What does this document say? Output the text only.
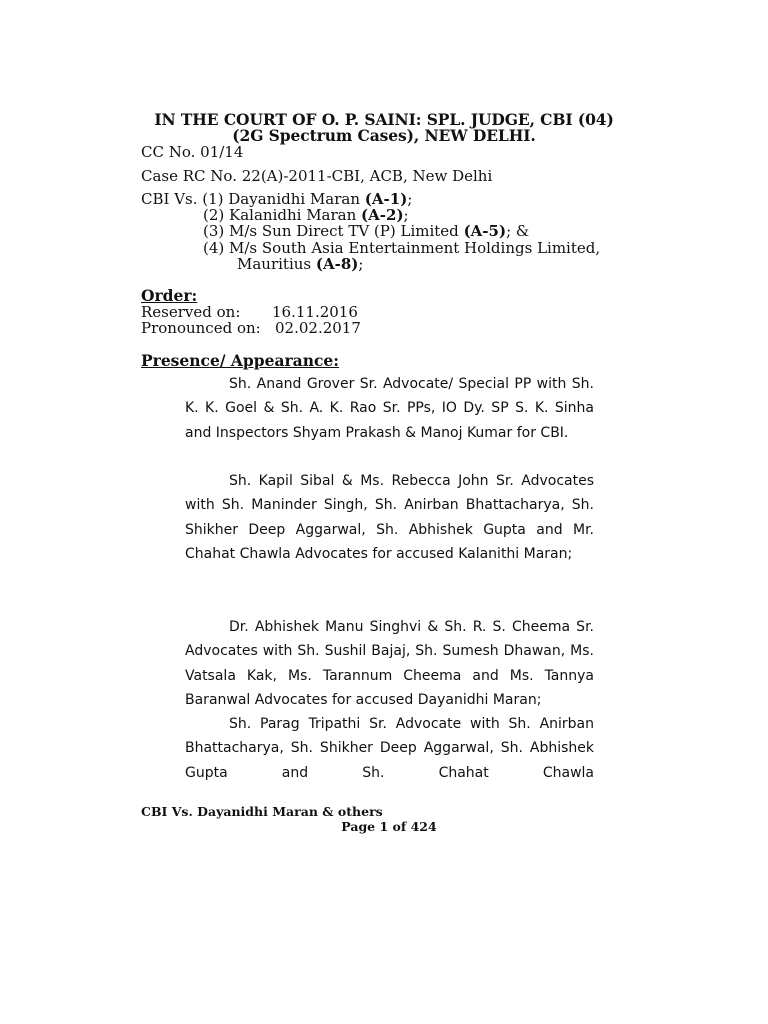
IN THE COURT OF O. P. SAINI: SPL. JUDGE, CBI (04)
(2G Spectrum Cases), NEW DELHI.
CC No. 01/14
Case RC No. 22(A)-2011-CBI, ACB, New Delhi
CBI Vs. (1) Dayanidhi Maran (A-1);
(2) Kalanidhi Maran (A-2);
(3) M/s Sun Direct TV (P) Limited (A-5); &
(4) M/s South Asia Entertainment Holdings Limited,
Mauritius (A-8);
Order:
Reserved on: 16.11.2016
Pronounced on: 02.02.2017
Presence/ Appearance:

Sh. Anand Grover Sr. Advocate/ Special PP with Sh. K. K. Goel & Sh. A. K. Rao Sr. PPs, IO Dy. SP S. K. Sinha and Inspectors Shyam Prakash & Manoj Kumar for CBI.

Sh. Kapil Sibal & Ms. Rebecca John Sr. Advocates with Sh. Maninder Singh, Sh. Anirban Bhattacharya, Sh. Shikher Deep Aggarwal, Sh. Abhishek Gupta and Mr. Chahat Chawla Advocates for accused Kalanithi Maran;

Dr. Abhishek Manu Singhvi & Sh. R. S. Cheema Sr. Advocates with Sh. Sushil Bajaj, Sh. Sumesh Dhawan, Ms. Vatsala Kak, Ms. Tarannum Cheema and Ms. Tannya Baranwal Advocates for accused Dayanidhi Maran;

Sh. Parag Tripathi Sr. Advocate with Sh. Anirban Bhattacharya, Sh. Shikher Deep Aggarwal, Sh. Abhishek Gupta and Sh. Chahat Chawla

CBI Vs. Dayanidhi Maran & others
Page 1 of 424
